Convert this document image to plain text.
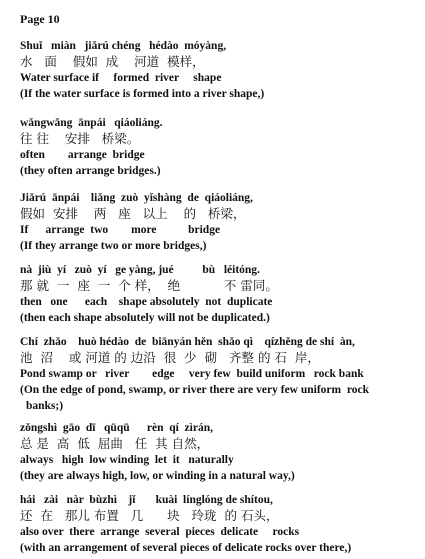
Page 10
Shuǐ   miàn   jiǎrú chéng   hédào  móyàng,
水   面    假如  成    河道  模样，
Water surface if     formed  river     shape
(If the water surface is formed into a river shape,)
wǎngwǎng  ānpái   qiáoliáng.
往 往    安排   桥梁。
often        arrange  bridge
(they often arrange bridges.)
Jiǎrú  ānpái    liǎng  zuò  yǐshàng  de  qiáoliáng,
假如  安排    两   座   以上    的   桥梁，
If      arrange  two        more           bridge
(If they arrange two or more bridges,)
nà  jiù  yí   zuò  yí   ge yàng, jué          bù   léitóng.
那 就  一  座  一  个 样，  绝           不 雷同。
then   one      each    shape absolutely  not  duplicate
(then each shape absolutely will not be duplicated.)
Chí  zhǎo    huò hédào  de  biānyán hěn  shǎo qì    qízhěng de shí  àn,
池  沼    或 河道 的 边沿  很  少  砌   齐整 的 石  岸，
Pond swamp or   river        edge     very few  build uniform   rock bank
(On the edge of pond, swamp, or river there are very few uniform  rock
banks;)
zǒngshì  gāo  dī   qūqū      rèn  qí  zìrán,
总 是  高  低  屈曲   任  其 自然，
always   high  low winding  let  it   naturally
(they are always high, low, or winding in a natural way,)
hái   zài   nàr  bùzhì    jǐ       kuài  línglóng de shítou,
还  在   那儿 布置   几      块   玲珑  的 石头，
also over  there  arrange  several  pieces  delicate     rocks
(with an arrangement of several pieces of delicate rocks over there,)
